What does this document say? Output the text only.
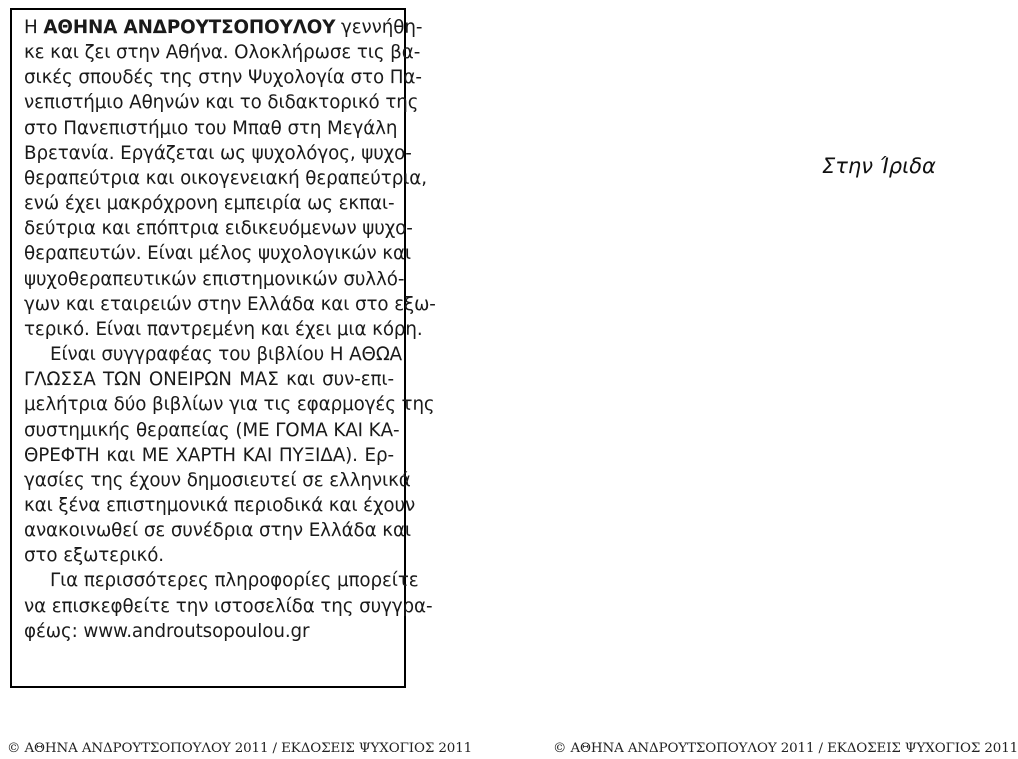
Η ΑΘΗΝΑ ΑΝΔΡΟΥΤΣΟΠΟΥΛΟΥ γεννήθη-
κε και ζει στην Αθήνα. Ολοκλήρωσε τις βα-
σικές σπουδές της στην Ψυχολογία στο Πα-
νεπιστήμιο Αθηνών και το διδακτορικό της
στο Πανεπιστήμιο του Μπαθ στη Μεγάλη
Βρετανία. Εργάζεται ως ψυχολόγος, ψυχο-
θεραπεύτρια και οικογενειακή θεραπεύτρια,
ενώ έχει μακρόχρονη εμπειρία ως εκπαι-
δεύτρια και επόπτρια ειδικευόμενων ψυχο-
θεραπευτών. Είναι μέλος ψυχολογικών και
ψυχοθεραπευτικών επιστημονικών συλλό-
γων και εταιρειών στην Ελλάδα και στο εξω-
τερικό. Είναι παντρεμένη και έχει μια κόρη.
Είναι συγγραφέας του βιβλίου Η ΑΘΩΑ
ΓΛΩΣΣΑ ΤΩΝ ΟΝΕΙΡΩΝ ΜΑΣ και συν-επι-
μελήτρια δύο βιβλίων για τις εφαρμογές της
συστημικής θεραπείας (ΜΕ ΓΟΜΑ ΚΑΙ ΚΑ-
ΘΡΕΦΤΗ και ΜΕ ΧΑΡΤΗ ΚΑΙ ΠΥΞΙΔΑ). Ερ-
γασίες της έχουν δημοσιευτεί σε ελληνικά
και ξένα επιστημονικά περιοδικά και έχουν
ανακοινωθεί σε συνέδρια στην Ελλάδα και
στο εξωτερικό.
Για περισσότερες πληροφορίες μπορείτε
να επισκεφθείτε την ιστοσελίδα της συγγρα-
φέως: www.androutsopoulou.gr

Στην Ίριδα
© ΑΘΗΝΑ ΑΝΔΡΟΥΤΣΟΠΟΥΛΟΥ 2011 / ΕΚΔΟΣΕΙΣ ΨΥΧΟΓΙΟΣ 2011	© ΑΘΗΝΑ ΑΝΔΡΟΥΤΣΟΠΟΥΛΟΥ 2011 / ΕΚΔΟΣΕΙΣ ΨΥΧΟΓΙΟΣ 2011
